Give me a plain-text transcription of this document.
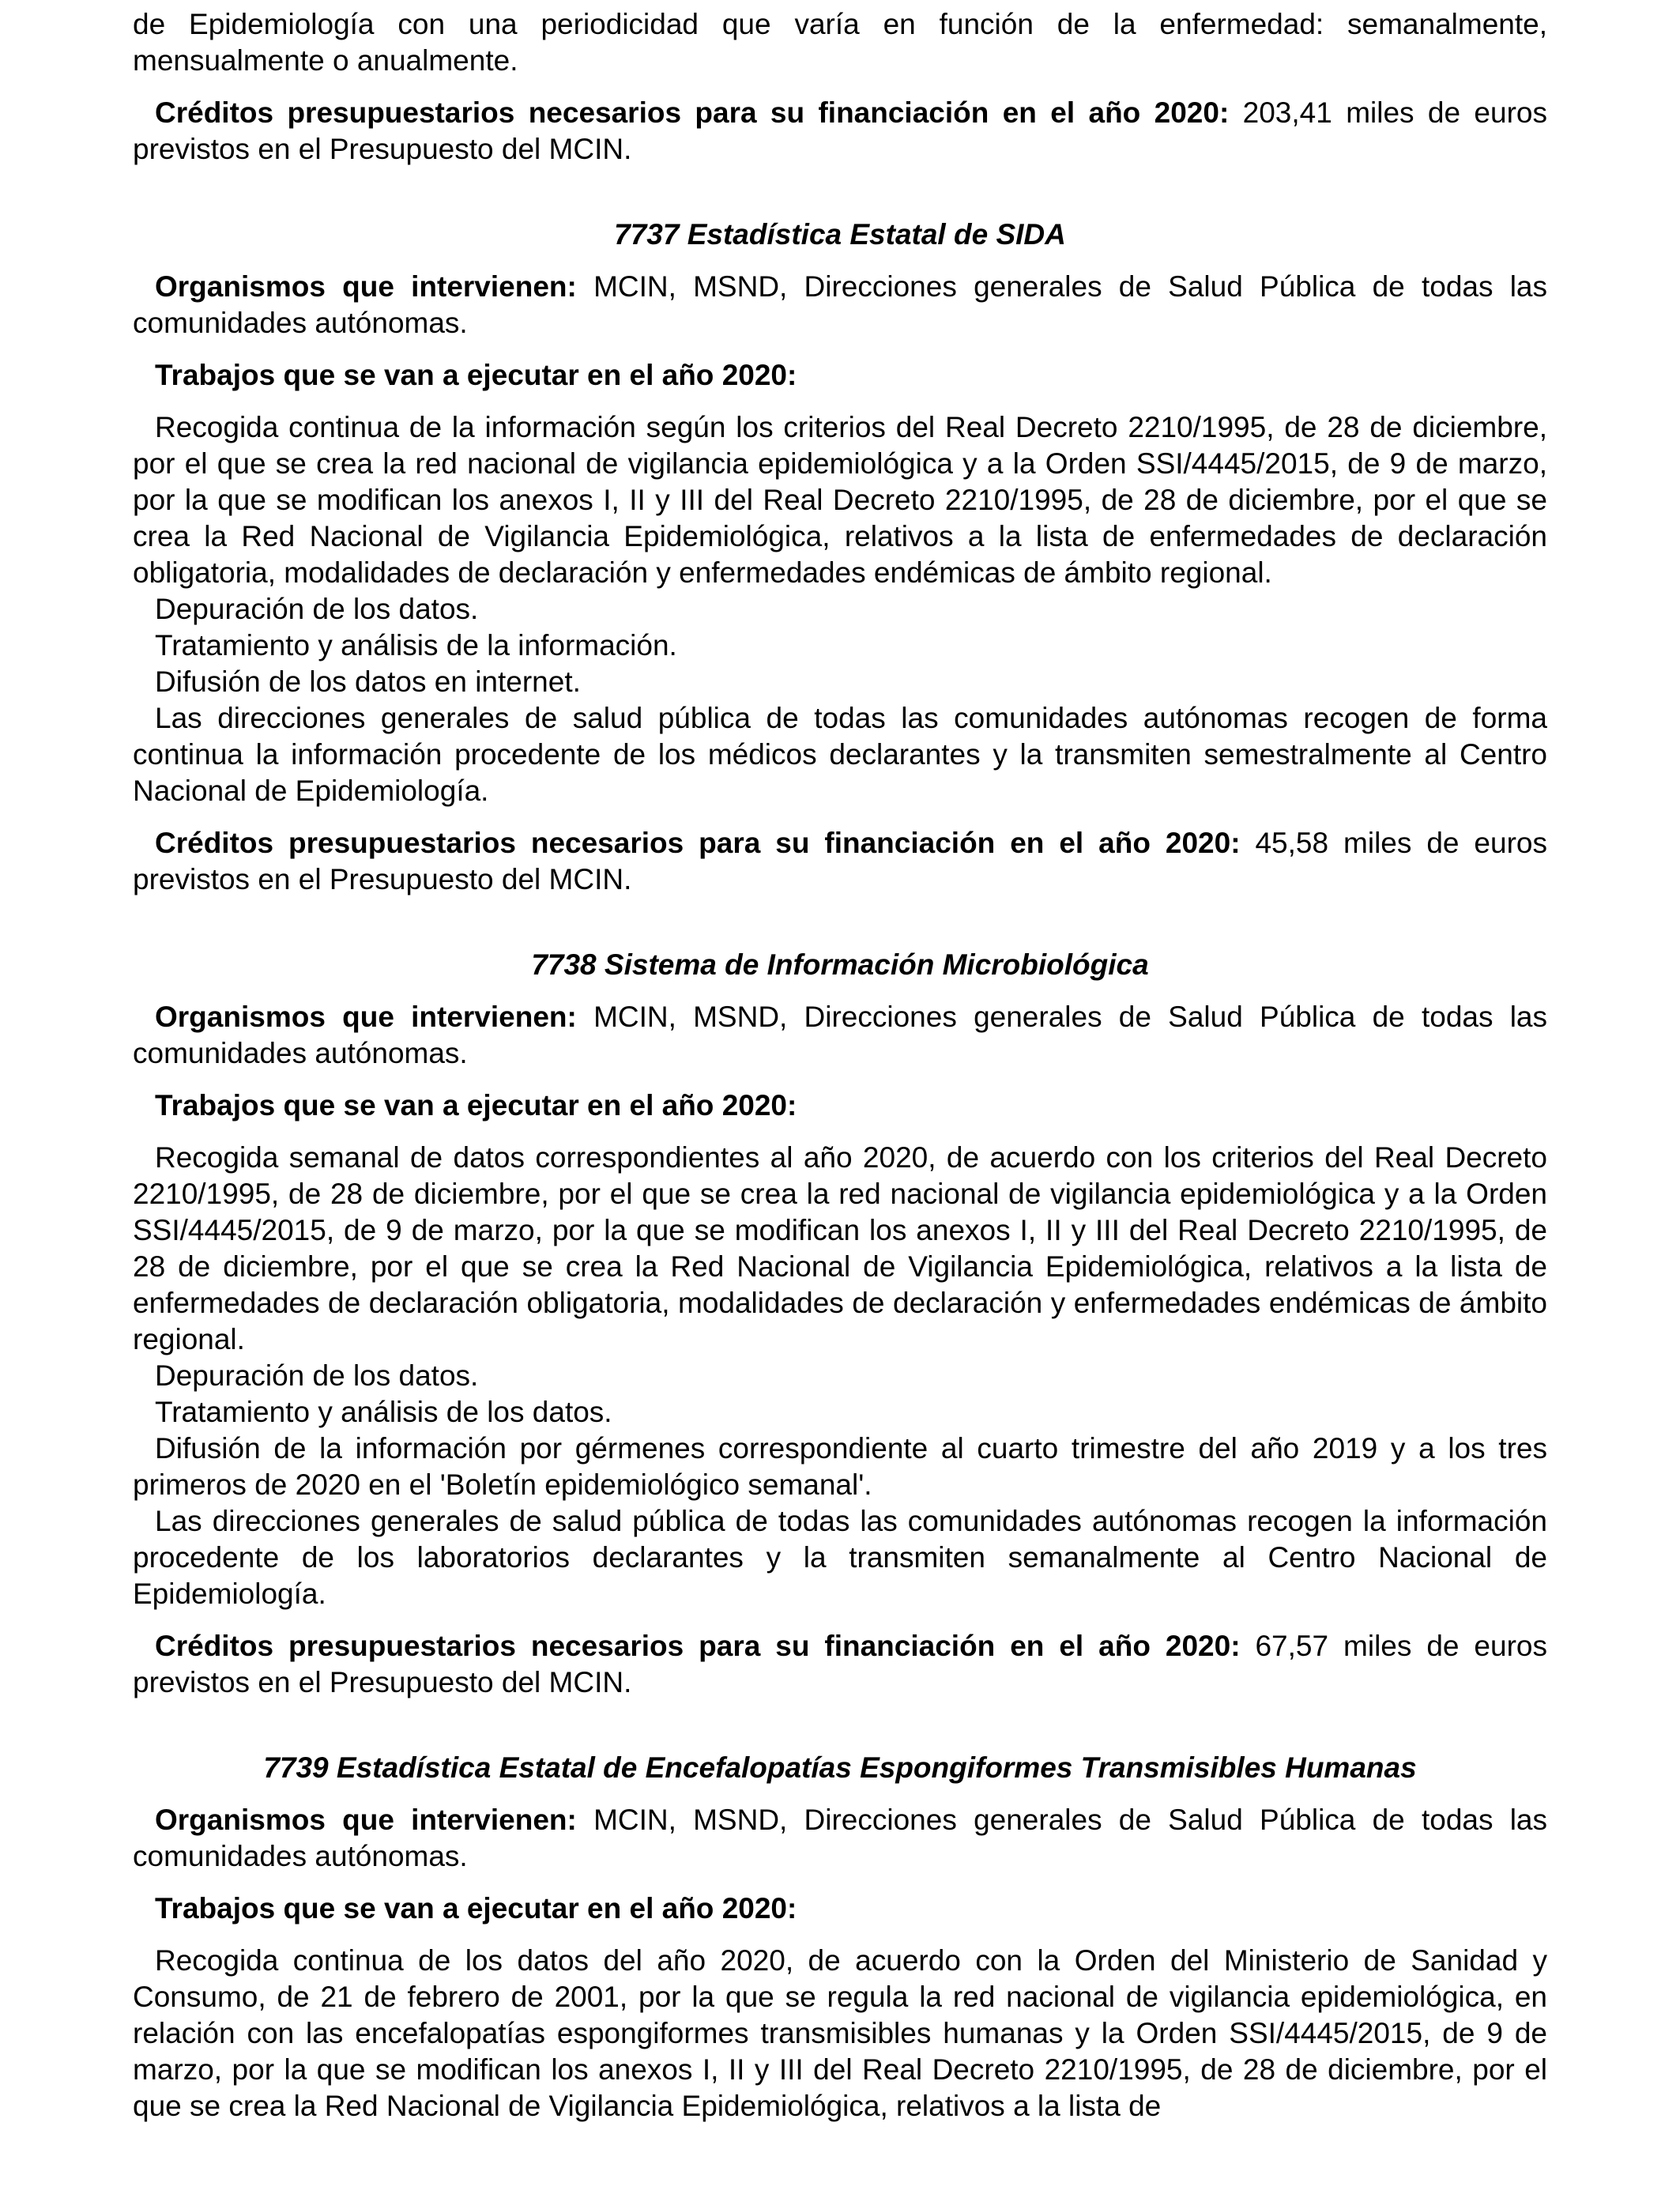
de Epidemiología con una periodicidad que varía en función de la enfermedad: semanalmente, mensualmente o anualmente.

Créditos presupuestarios necesarios para su financiación en el año 2020: 203,41 miles de euros previstos en el Presupuesto del MCIN.

7737 Estadística Estatal de SIDA

Organismos que intervienen: MCIN, MSND, Direcciones generales de Salud Pública de todas las comunidades autónomas.

Trabajos que se van a ejecutar en el año 2020:

Recogida continua de la información según los criterios del Real Decreto 2210/1995, de 28 de diciembre, por el que se crea la red nacional de vigilancia epidemiológica y a la Orden SSI/4445/2015, de 9 de marzo, por la que se modifican los anexos I, II y III del Real Decreto 2210/1995, de 28 de diciembre, por el que se crea la Red Nacional de Vigilancia Epidemiológica, relativos a la lista de enfermedades de declaración obligatoria, modalidades de declaración y enfermedades endémicas de ámbito regional.

Depuración de los datos.

Tratamiento y análisis de la información.

Difusión de los datos en internet.

Las direcciones generales de salud pública de todas las comunidades autónomas recogen de forma continua la información procedente de los médicos declarantes y la transmiten semestralmente al Centro Nacional de Epidemiología.

Créditos presupuestarios necesarios para su financiación en el año 2020: 45,58 miles de euros previstos en el Presupuesto del MCIN.

7738 Sistema de Información Microbiológica

Organismos que intervienen: MCIN, MSND, Direcciones generales de Salud Pública de todas las comunidades autónomas.

Trabajos que se van a ejecutar en el año 2020:

Recogida semanal de datos correspondientes al año 2020, de acuerdo con los criterios del Real Decreto 2210/1995, de 28 de diciembre, por el que se crea la red nacional de vigilancia epidemiológica y a la Orden SSI/4445/2015, de 9 de marzo, por la que se modifican los anexos I, II y III del Real Decreto 2210/1995, de 28 de diciembre, por el que se crea la Red Nacional de Vigilancia Epidemiológica, relativos a la lista de enfermedades de declaración obligatoria, modalidades de declaración y enfermedades endémicas de ámbito regional.

Depuración de los datos.

Tratamiento y análisis de los datos.

Difusión de la información por gérmenes correspondiente al cuarto trimestre del año 2019 y a los tres primeros de 2020 en el 'Boletín epidemiológico semanal'.

Las direcciones generales de salud pública de todas las comunidades autónomas recogen la información procedente de los laboratorios declarantes y la transmiten semanalmente al Centro Nacional de Epidemiología.

Créditos presupuestarios necesarios para su financiación en el año 2020: 67,57 miles de euros previstos en el Presupuesto del MCIN.

7739 Estadística Estatal de Encefalopatías Espongiformes Transmisibles Humanas

Organismos que intervienen: MCIN, MSND, Direcciones generales de Salud Pública de todas las comunidades autónomas.

Trabajos que se van a ejecutar en el año 2020:

Recogida continua de los datos del año 2020, de acuerdo con la Orden del Ministerio de Sanidad y Consumo, de 21 de febrero de 2001, por la que se regula la red nacional de vigilancia epidemiológica, en relación con las encefalopatías espongiformes transmisibles humanas y la Orden SSI/4445/2015, de 9 de marzo, por la que se modifican los anexos I, II y III del Real Decreto 2210/1995, de 28 de diciembre, por el que se crea la Red Nacional de Vigilancia Epidemiológica, relativos a la lista de
